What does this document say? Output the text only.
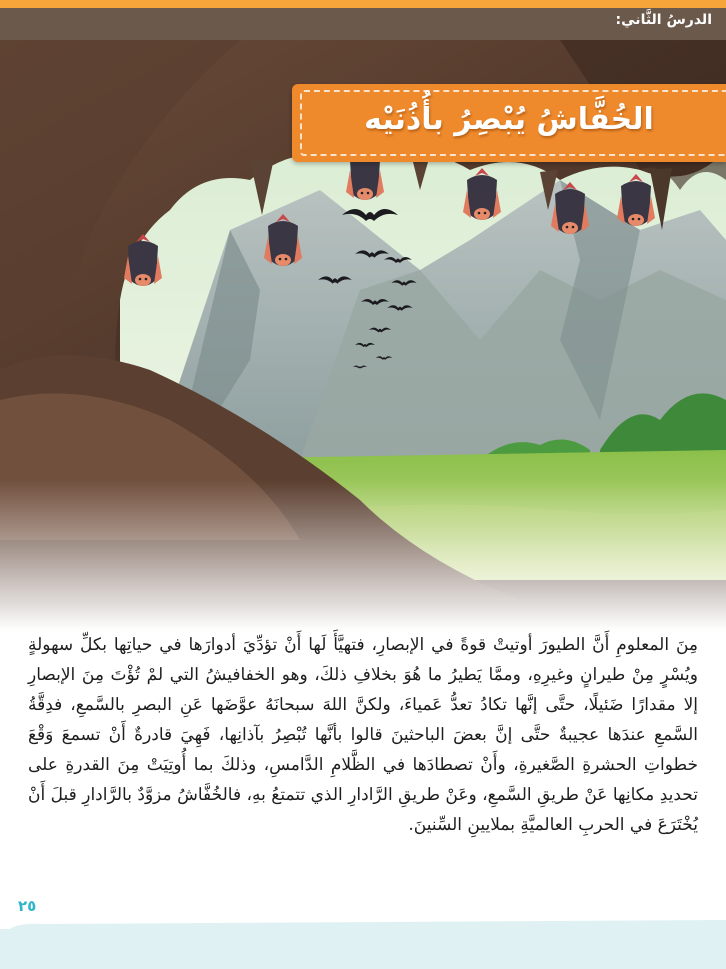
الدرسُ الثَّاني:
الخُفَّاشُ يُبْصِرُ بأُذُنَيْه

مِنَ المعلومِ أَنَّ الطيورَ أوتيتْ قوةً في الإبصارِ، فتهيَّأَ لَها أَنْ تؤدِّيَ أدوارَها في حياتِها بكلِّ سهولةٍ ويُسْرٍ مِنْ طيرانٍ وغيرِهِ، وممَّا يَطيرُ ما هُوَ بخلافِ ذلكَ، وهو الخفافيشُ التي لمْ تُؤْتَ مِنَ الإبصارِ إلا مقدارًا ضَئيلًا، حتَّى إنَّها تكادُ تعدُّ عَمياءَ، ولكنَّ اللهَ سبحانَهُ عوَّضَها عَنِ البصرِ بالسَّمعِ، فدِقَّةُ السَّمعِ عندَها عجيبةٌ حتَّى إنَّ بعضَ الباحثينَ قالوا بأنَّها تُبْصِرُ بآذانِها، فَهِيَ قادرةٌ أَنْ تسمعَ وَقْعَ خطواتِ الحشرةِ الصَّغيرةِ، وأَنْ تصطادَها في الظَّلامِ الدَّامسِ، وذلكَ بما أُوتِيَتْ مِنَ القدرةِ على تحديدِ مكانِها عَنْ طريقِ السَّمعِ، وعَنْ طريقِ الرَّادارِ الذي تتمتعُ بهِ، فالخُفَّاشُ مزوَّدٌ بالرَّادارِ قبلَ أَنْ يُخْتَرَعَ في الحربِ العالميَّةِ بملايينِ السِّنينَ.

٢٥
